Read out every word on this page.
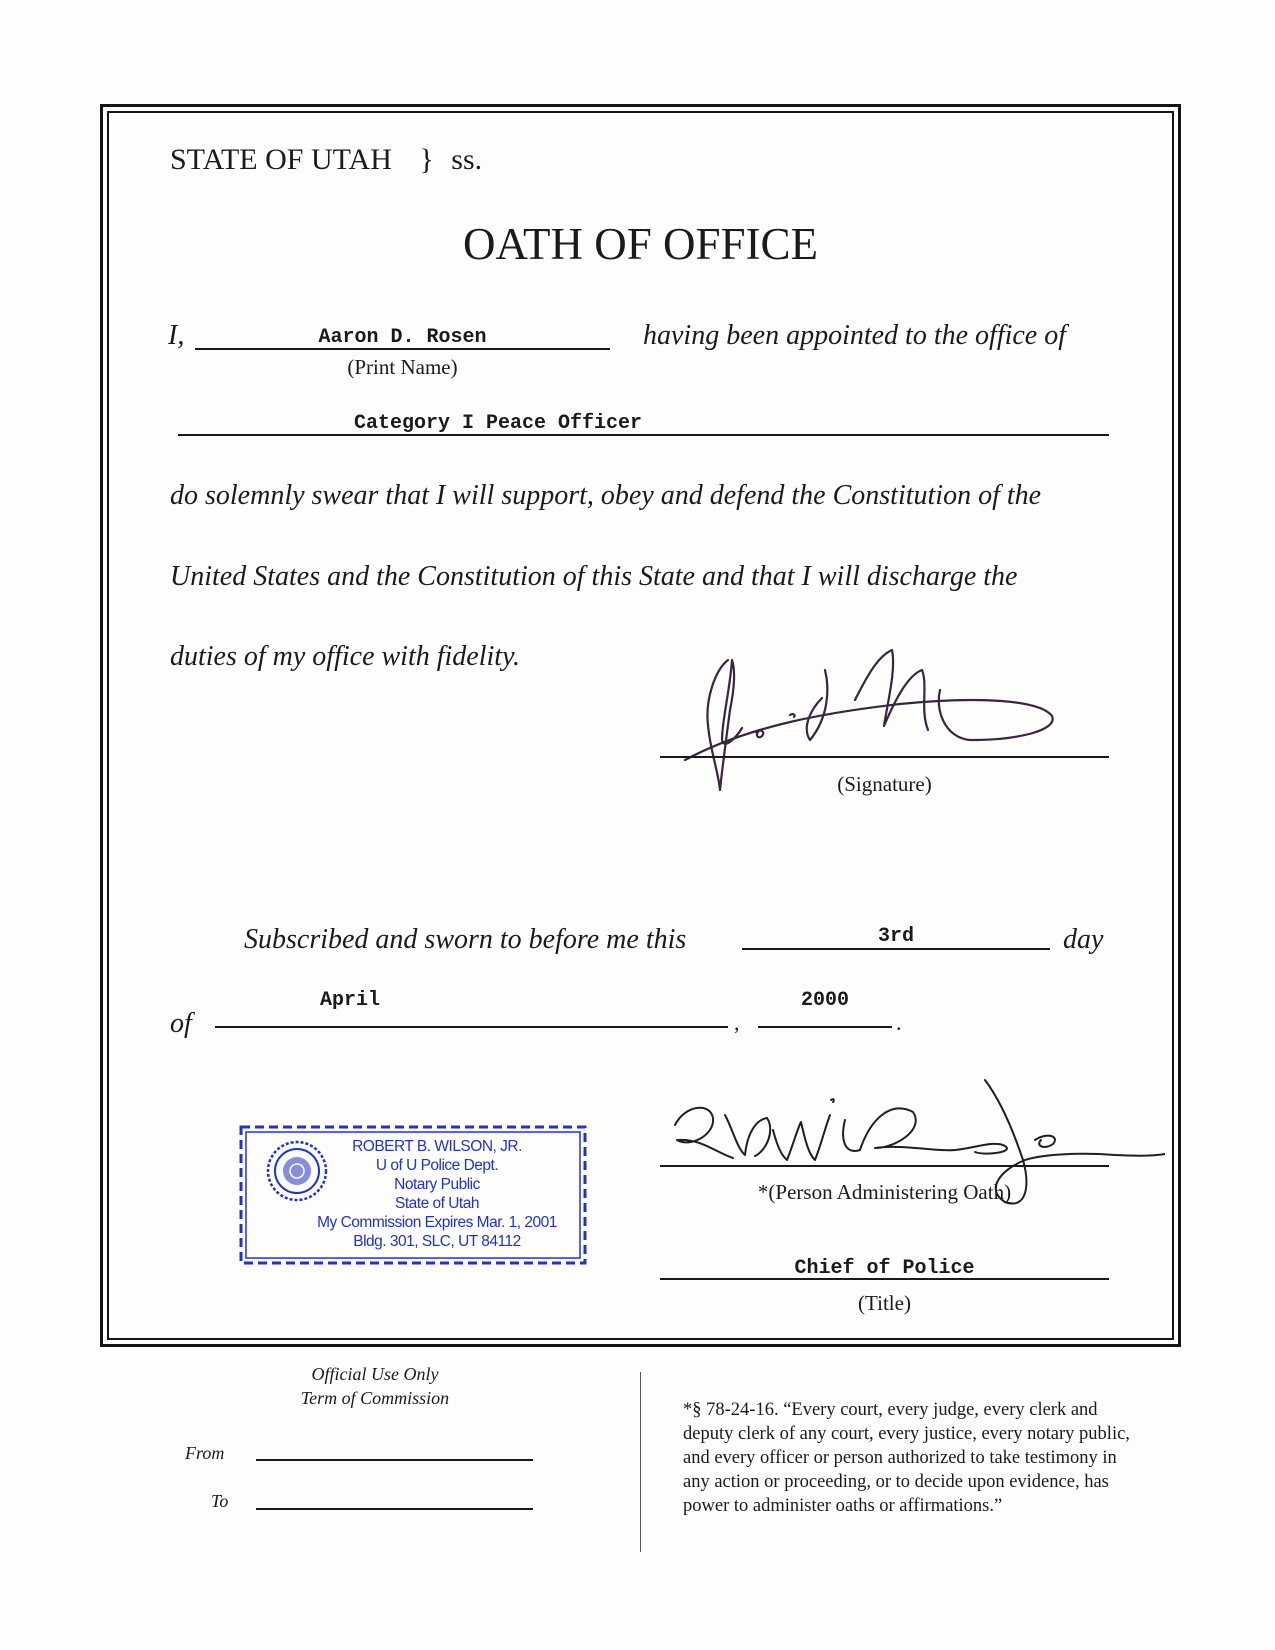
STATE OF UTAH } ss.
OATH OF OFFICE
I,	Aaron D. Rosen
(Print Name)
having been appointed to the office of
Category I Peace Officer
do solemnly swear that I will support, obey and defend the Constitution of the
United States and the Constitution of this State and that I will discharge the
duties of my office with fidelity.
(Signature)
Subscribed and sworn to before me this	3rd	day
of
April
,
2000
.
ROBERT B. WILSON, JR.
U of U Police Dept.
Notary Public
State of Utah
My Commission Expires Mar. 1, 2001
Bldg. 301, SLC, UT 84112
*(Person Administering Oath)
Chief of Police
(Title)
Official Use Only
Term of Commission
From
To
*§ 78-24-16. “Every court, every judge, every clerk and
deputy clerk of any court, every justice, every notary public,
and every officer or person authorized to take testimony in
any action or proceeding, or to decide upon evidence, has
power to administer oaths or affirmations.”
